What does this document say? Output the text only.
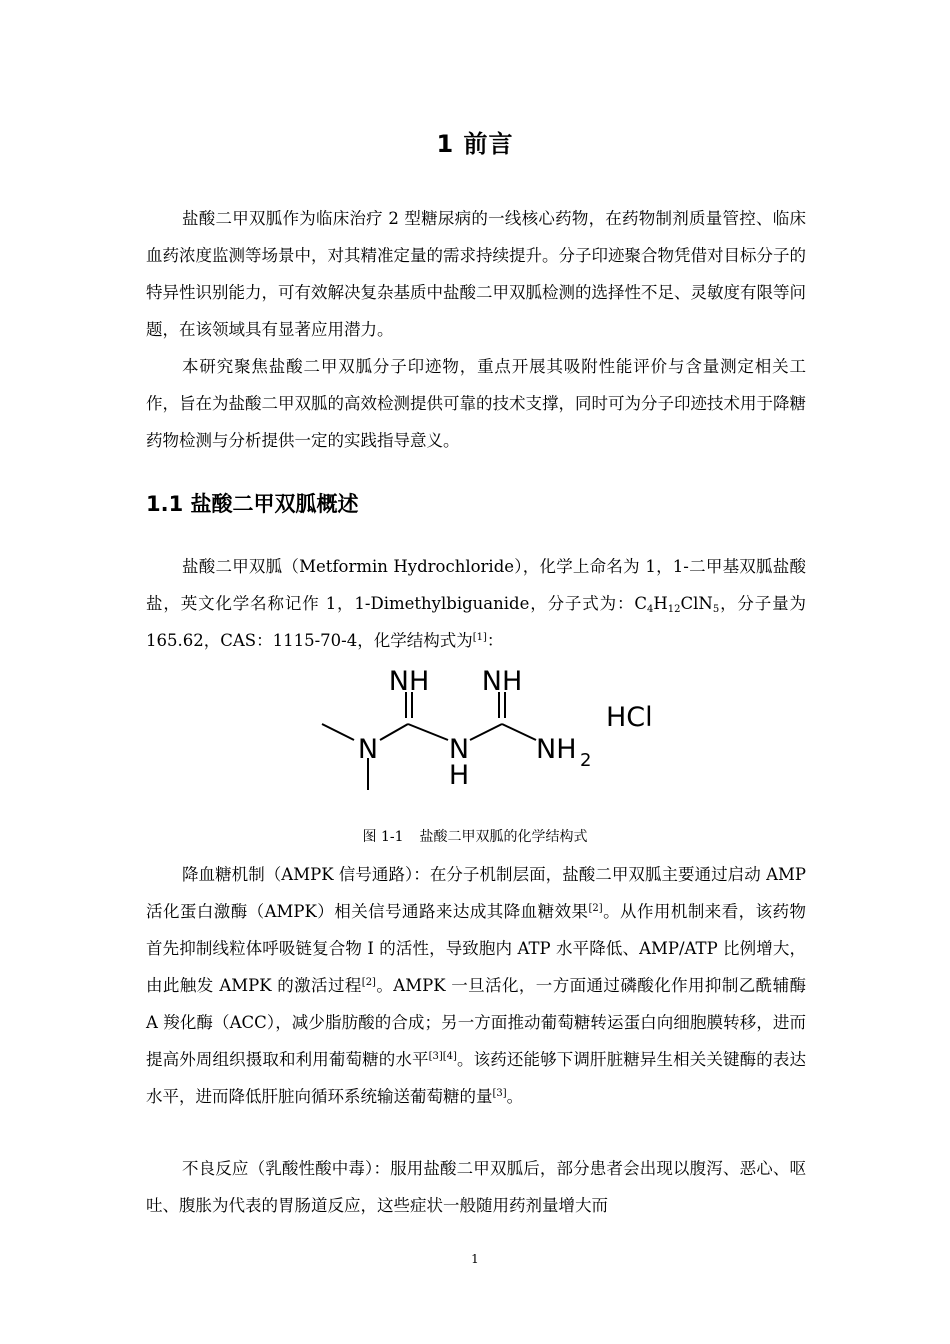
1 前言
盐酸二甲双胍作为临床治疗 2 型糖尿病的一线核心药物，在药物制剂质量管控、临床血药浓度监测等场景中，对其精准定量的需求持续提升。分子印迹聚合物凭借对目标分子的特异性识别能力，可有效解决复杂基质中盐酸二甲双胍检测的选择性不足、灵敏度有限等问题，在该领域具有显著应用潜力。
本研究聚焦盐酸二甲双胍分子印迹物，重点开展其吸附性能评价与含量测定相关工作，旨在为盐酸二甲双胍的高效检测提供可靠的技术支撑，同时可为分子印迹技术用于降糖药物检测与分析提供一定的实践指导意义。
1.1 盐酸二甲双胍概述
盐酸二甲双胍（Metformin Hydrochloride），化学上命名为 1，1-二甲基双胍盐酸盐，英文化学名称记作 1，1-Dimethylbiguanide，分子式为：$C_4H_{12}ClN_5$，分子量为 165.62，CAS：1115-70-4，化学结构式为[1]：
NH NH
N	N
H
NH 2
HCl
图 1-1 盐酸二甲双胍的化学结构式
降血糖机制（AMPK 信号通路）：在分子机制层面，盐酸二甲双胍主要通过启动 AMP 活化蛋白激酶（AMPK）相关信号通路来达成其降血糖效果[2]。从作用机制来看，该药物首先抑制线粒体呼吸链复合物 I 的活性，导致胞内 ATP 水平降低、AMP/ATP 比例增大，由此触发 AMPK 的激活过程[2]。AMPK 一旦活化，一方面通过磷酸化作用抑制乙酰辅酶 A 羧化酶（ACC），减少脂肪酸的合成；另一方面推动葡萄糖转运蛋白向细胞膜转移，进而提高外周组织摄取和利用葡萄糖的水平[3][4]。该药还能够下调肝脏糖异生相关关键酶的表达水平，进而降低肝脏向循环系统输送葡萄糖的量[3]。
不良反应（乳酸性酸中毒）：服用盐酸二甲双胍后，部分患者会出现以腹泻、恶心、呕吐、腹胀为代表的胃肠道反应，这些症状一般随用药剂量增大而
1
